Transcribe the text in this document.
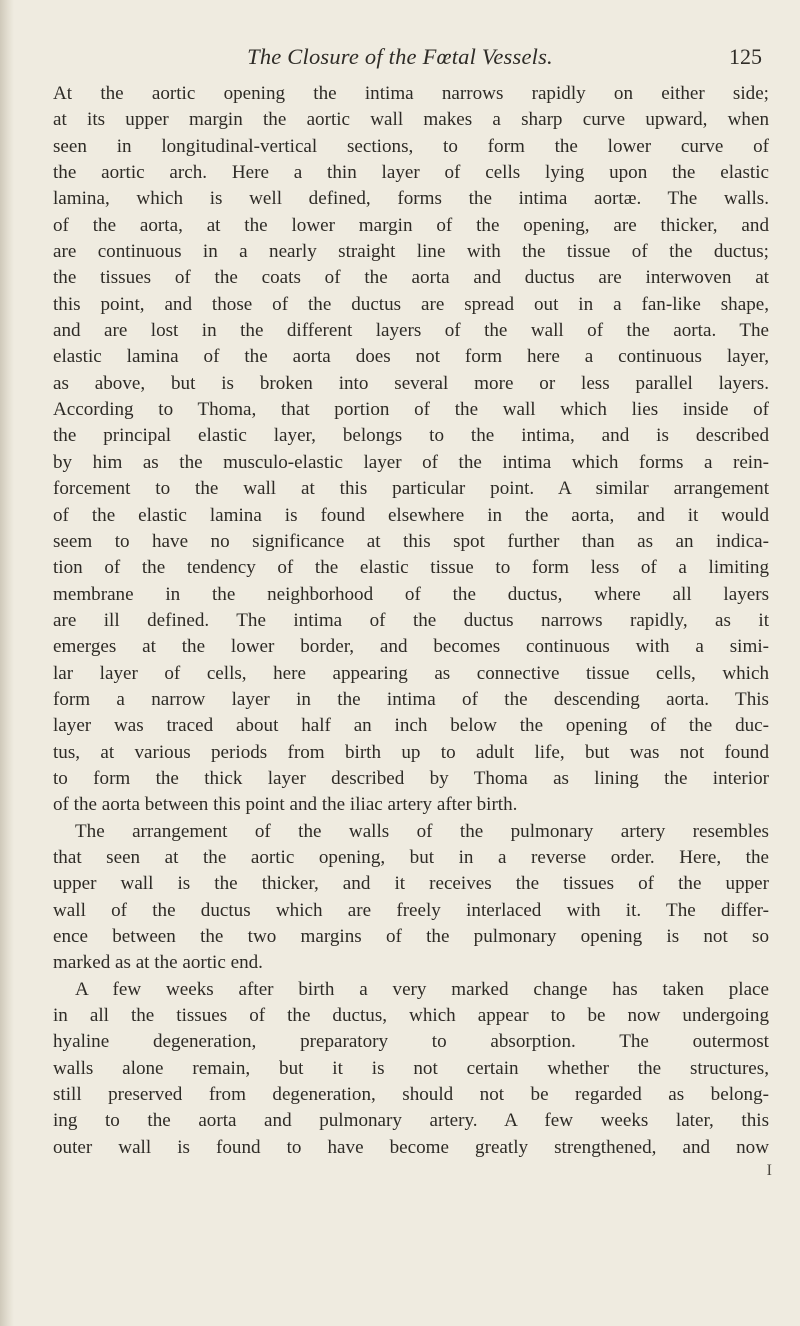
The Closure of the Fœtal Vessels.	125
At the aortic opening the intima narrows rapidly on either side;
at its upper margin the aortic wall makes a sharp curve upward, when
seen in longitudinal-vertical sections, to form the lower curve of
the aortic arch. Here a thin layer of cells lying upon the elastic
lamina, which is well defined, forms the intima aortæ. The walls.
of the aorta, at the lower margin of the opening, are thicker, and
are continuous in a nearly straight line with the tissue of the ductus;
the tissues of the coats of the aorta and ductus are interwoven at
this point, and those of the ductus are spread out in a fan-like shape,
and are lost in the different layers of the wall of the aorta. The
elastic lamina of the aorta does not form here a continuous layer,
as above, but is broken into several more or less parallel layers.
According to Thoma, that portion of the wall which lies inside of
the principal elastic layer, belongs to the intima, and is described
by him as the musculo-elastic layer of the intima which forms a rein-
forcement to the wall at this particular point. A similar arrangement
of the elastic lamina is found elsewhere in the aorta, and it would
seem to have no significance at this spot further than as an indica-
tion of the tendency of the elastic tissue to form less of a limiting
membrane in the neighborhood of the ductus, where all layers
are ill defined. The intima of the ductus narrows rapidly, as it
emerges at the lower border, and becomes continuous with a simi-
lar layer of cells, here appearing as connective tissue cells, which
form a narrow layer in the intima of the descending aorta. This
layer was traced about half an inch below the opening of the duc-
tus, at various periods from birth up to adult life, but was not found
to form the thick layer described by Thoma as lining the interior
of the aorta between this point and the iliac artery after birth.
The arrangement of the walls of the pulmonary artery resembles
that seen at the aortic opening, but in a reverse order. Here, the
upper wall is the thicker, and it receives the tissues of the upper
wall of the ductus which are freely interlaced with it. The differ-
ence between the two margins of the pulmonary opening is not so
marked as at the aortic end.
A few weeks after birth a very marked change has taken place
in all the tissues of the ductus, which appear to be now undergoing
hyaline degeneration, preparatory to absorption. The outermost
walls alone remain, but it is not certain whether the structures,
still preserved from degeneration, should not be regarded as belong-
ing to the aorta and pulmonary artery. A few weeks later, this
outer wall is found to have become greatly strengthened, and now
I
